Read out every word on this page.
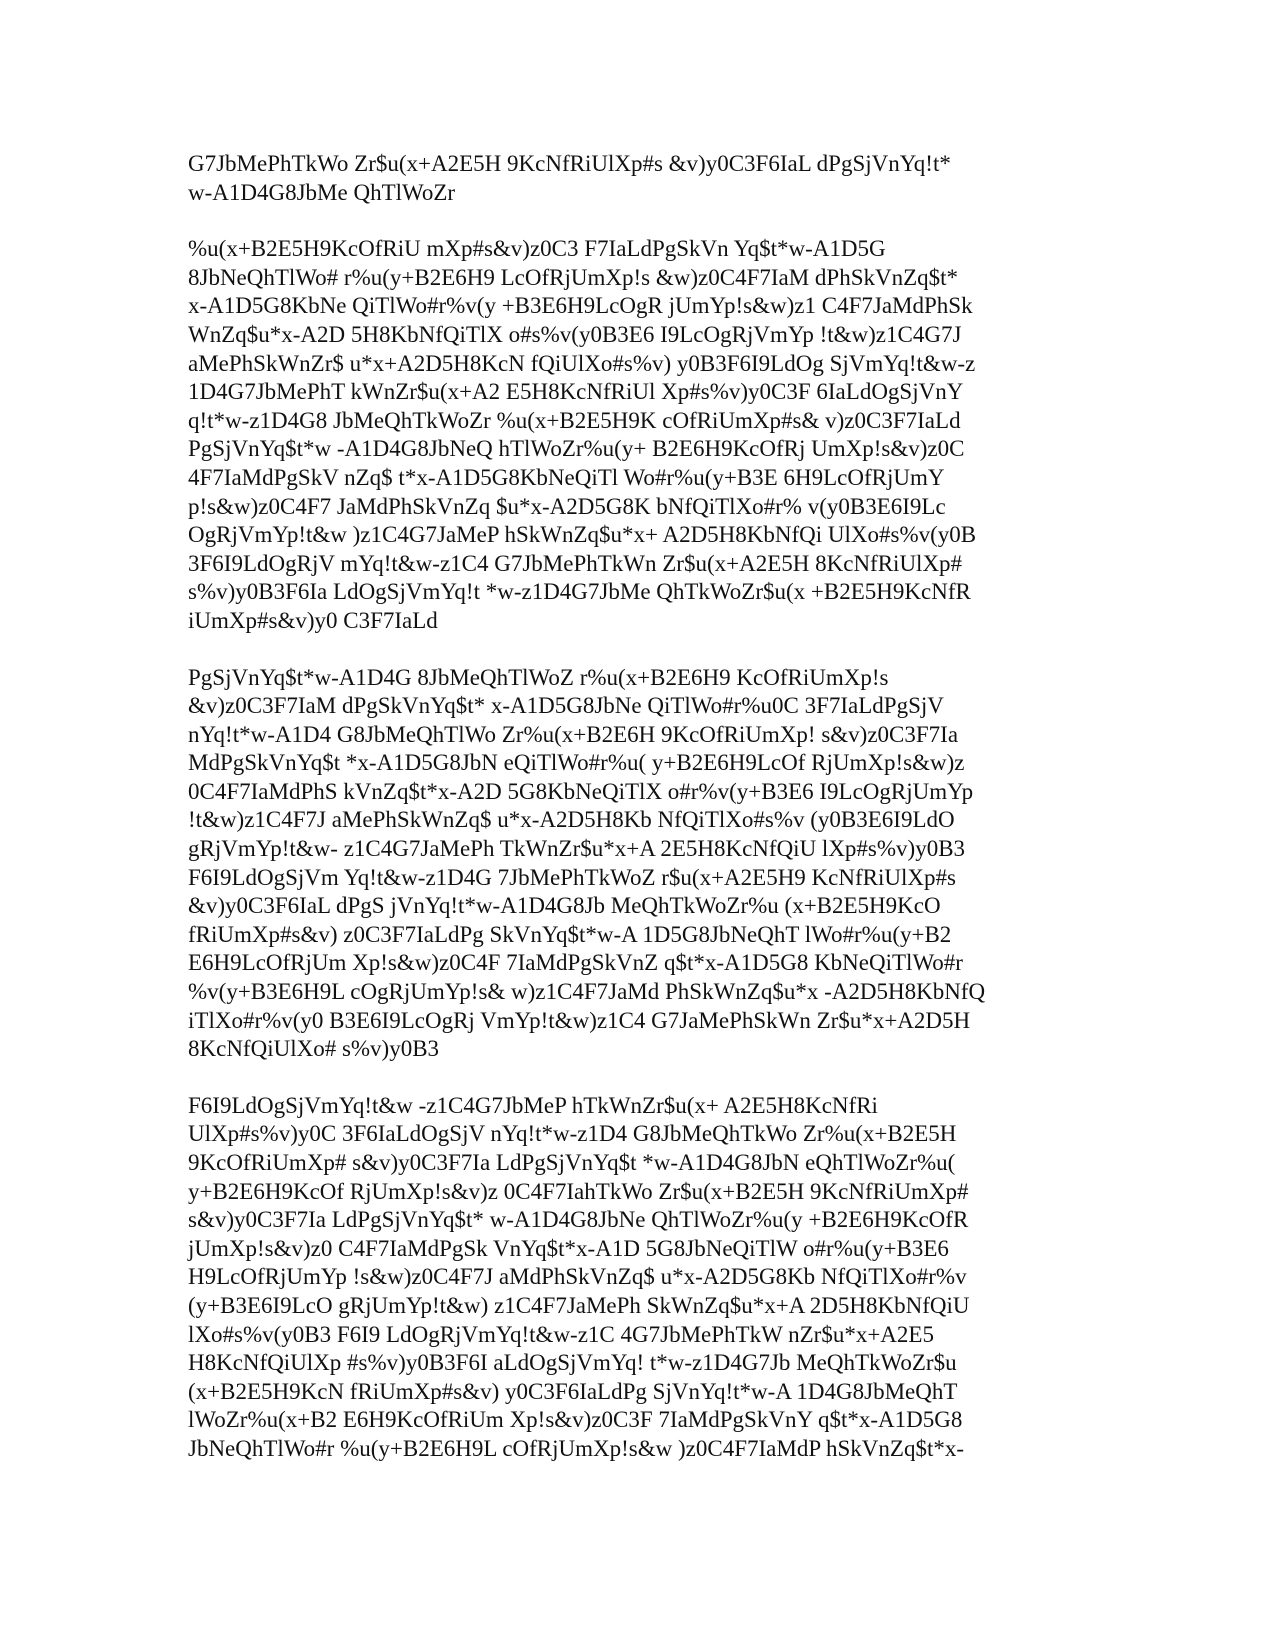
G7JbMePhTkWo Zr$u(x+A2E5H 9KcNfRiUlXp#s &v)y0C3F6IaL dPgSjVnYq!t*
w-A1D4G8JbMe QhTlWoZr
%u(x+B2E5H9KcOfRiU mXp#s&v)z0C3 F7IaLdPgSkVn Yq$t*w-A1D5G
8JbNeQhTlWo# r%u(y+B2E6H9 LcOfRjUmXp!s &w)z0C4F7IaM dPhSkVnZq$t*
x-A1D5G8KbNe QiTlWo#r%v(y +B3E6H9LcOgR jUmYp!s&w)z1 C4F7JaMdPhSk
WnZq$u*x-A2D 5H8KbNfQiTlX o#s%v(y0B3E6 I9LcOgRjVmYp !t&w)z1C4G7J
aMePhSkWnZr$ u*x+A2D5H8KcN fQiUlXo#s%v) y0B3F6I9LdOg SjVmYq!t&w-z
1D4G7JbMePhT kWnZr$u(x+A2 E5H8KcNfRiUl Xp#s%v)y0C3F 6IaLdOgSjVnY
q!t*w-z1D4G8 JbMeQhTkWoZr %u(x+B2E5H9K cOfRiUmXp#s& v)z0C3F7IaLd
PgSjVnYq$t*w -A1D4G8JbNeQ hTlWoZr%u(y+ B2E6H9KcOfRj UmXp!s&v)z0C
4F7IaMdPgSkV nZq$ t*x-A1D5G8KbNeQiTl Wo#r%u(y+B3E 6H9LcOfRjUmY
p!s&w)z0C4F7 JaMdPhSkVnZq $u*x-A2D5G8K bNfQiTlXo#r% v(y0B3E6I9Lc
OgRjVmYp!t&w )z1C4G7JaMeP hSkWnZq$u*x+ A2D5H8KbNfQi UlXo#s%v(y0B
3F6I9LdOgRjV mYq!t&w-z1C4 G7JbMePhTkWn Zr$u(x+A2E5H 8KcNfRiUlXp#
s%v)y0B3F6Ia LdOgSjVmYq!t *w-z1D4G7JbMe QhTkWoZr$u(x +B2E5H9KcNfR
iUmXp#s&v)y0 C3F7IaLd
PgSjVnYq$t*w-A1D4G 8JbMeQhTlWoZ r%u(x+B2E6H9 KcOfRiUmXp!s
&v)z0C3F7IaM dPgSkVnYq$t* x-A1D5G8JbNe QiTlWo#r%u0C 3F7IaLdPgSjV
nYq!t*w-A1D4 G8JbMeQhTlWo Zr%u(x+B2E6H 9KcOfRiUmXp! s&v)z0C3F7Ia
MdPgSkVnYq$t *x-A1D5G8JbN eQiTlWo#r%u( y+B2E6H9LcOf RjUmXp!s&w)z
0C4F7IaMdPhS kVnZq$t*x-A2D 5G8KbNeQiTlX o#r%v(y+B3E6 I9LcOgRjUmYp
!t&w)z1C4F7J aMePhSkWnZq$ u*x-A2D5H8Kb NfQiTlXo#s%v (y0B3E6I9LdO
gRjVmYp!t&w- z1C4G7JaMePh TkWnZr$u*x+A 2E5H8KcNfQiU lXp#s%v)y0B3
F6I9LdOgSjVm Yq!t&w-z1D4G 7JbMePhTkWoZ r$u(x+A2E5H9 KcNfRiUlXp#s
&v)y0C3F6IaL dPgS jVnYq!t*w-A1D4G8Jb MeQhTkWoZr%u (x+B2E5H9KcO
fRiUmXp#s&v) z0C3F7IaLdPg SkVnYq$t*w-A 1D5G8JbNeQhT lWo#r%u(y+B2
E6H9LcOfRjUm Xp!s&w)z0C4F 7IaMdPgSkVnZ q$t*x-A1D5G8 KbNeQiTlWo#r
%v(y+B3E6H9L cOgRjUmYp!s& w)z1C4F7JaMd PhSkWnZq$u*x -A2D5H8KbNfQ
iTlXo#r%v(y0 B3E6I9LcOgRj VmYp!t&w)z1C4 G7JaMePhSkWn Zr$u*x+A2D5H
8KcNfQiUlXo# s%v)y0B3
F6I9LdOgSjVmYq!t&w -z1C4G7JbMeP hTkWnZr$u(x+ A2E5H8KcNfRi
UlXp#s%v)y0C 3F6IaLdOgSjV nYq!t*w-z1D4 G8JbMeQhTkWo Zr%u(x+B2E5H
9KcOfRiUmXp# s&v)y0C3F7Ia LdPgSjVnYq$t *w-A1D4G8JbN eQhTlWoZr%u(
y+B2E6H9KcOf RjUmXp!s&v)z 0C4F7IahTkWo Zr$u(x+B2E5H 9KcNfRiUmXp#
s&v)y0C3F7Ia LdPgSjVnYq$t* w-A1D4G8JbNe QhTlWoZr%u(y +B2E6H9KcOfR
jUmXp!s&v)z0 C4F7IaMdPgSk VnYq$t*x-A1D 5G8JbNeQiTlW o#r%u(y+B3E6
H9LcOfRjUmYp !s&w)z0C4F7J aMdPhSkVnZq$ u*x-A2D5G8Kb NfQiTlXo#r%v
(y+B3E6I9LcO gRjUmYp!t&w) z1C4F7JaMePh SkWnZq$u*x+A 2D5H8KbNfQiU
lXo#s%v(y0B3 F6I9 LdOgRjVmYq!t&w-z1C 4G7JbMePhTkW nZr$u*x+A2E5
H8KcNfQiUlXp #s%v)y0B3F6I aLdOgSjVmYq! t*w-z1D4G7Jb MeQhTkWoZr$u
(x+B2E5H9KcN fRiUmXp#s&v) y0C3F6IaLdPg SjVnYq!t*w-A 1D4G8JbMeQhT
lWoZr%u(x+B2 E6H9KcOfRiUm Xp!s&v)z0C3F 7IaMdPgSkVnY q$t*x-A1D5G8
JbNeQhTlWo#r %u(y+B2E6H9L cOfRjUmXp!s&w )z0C4F7IaMdP hSkVnZq$t*x-
